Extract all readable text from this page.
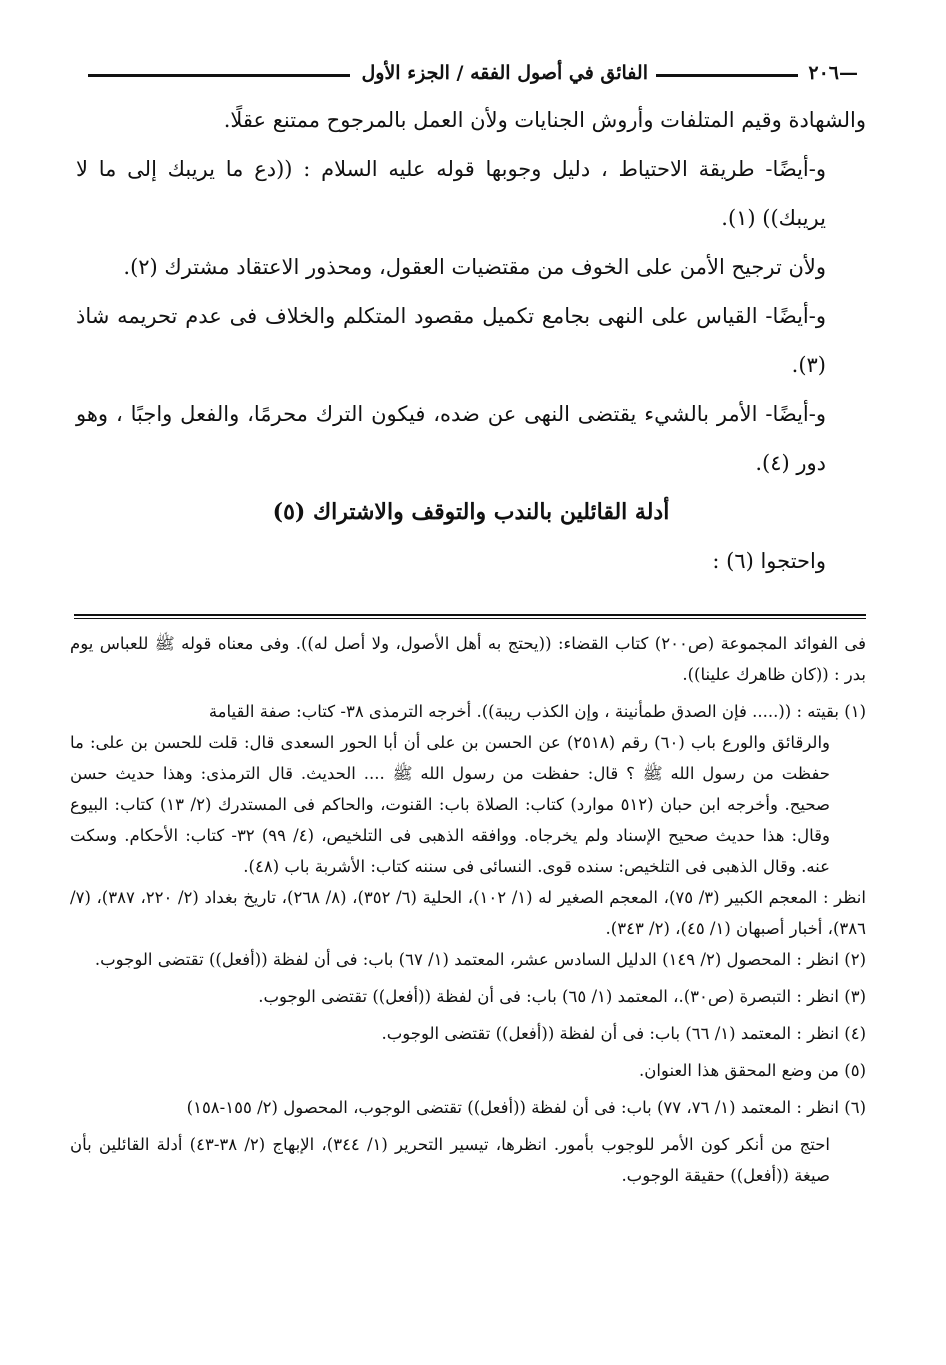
—٢٠٦
الفائق في أصول الفقه / الجزء الأول

والشهادة وقيم المتلفات وأروش الجنايات ولأن العمل بالمرجوح ممتنع عقلًا.

و-أيضًا- طريقة الاحتياط ، دليل وجوبها قوله عليه السلام : ((دع ما يريبك إلى ما لا يريبك)) (١).

ولأن ترجيح الأمن على الخوف من مقتضيات العقول، ومحذور الاعتقاد مشترك (٢).

و-أيضًا- القياس على النهى بجامع تكميل مقصود المتكلم والخلاف فى عدم تحريمه شاذ (٣).

و-أيضًا- الأمر بالشيء يقتضى النهى عن ضده، فيكون الترك محرمًا، والفعل واجبًا ، وهو دور (٤).

أدلة القائلين بالندب والتوقف والاشتراك (٥)

واحتجوا (٦) :

فى الفوائد المجموعة (ص٢٠٠) كتاب القضاء: ((يحتج به أهل الأصول، ولا أصل له)). وفى معناه قوله ﷺ للعباس يوم بدر : ((كان ظاهرك علينا)).

(١) بقيته : ((..... فإن الصدق طمأنينة ، وإن الكذب ريبة)). أخرجه الترمذى ٣٨- كتاب: صفة القيامة

والرقائق والورع باب (٦٠) رقم (٢٥١٨) عن الحسن بن على أن أبا الحور السعدى قال: قلت للحسن بن على: ما حفظت من رسول الله ﷺ ؟ قال: حفظت من رسول الله ﷺ .... الحديث. قال الترمذى: وهذا حديث حسن صحيح. وأخرجه ابن حبان (٥١٢ موارد) كتاب: الصلاة باب: القنوت، والحاكم فى المستدرك (٢/ ١٣) كتاب: البيوع وقال: هذا حديث صحيح الإسناد ولم يخرجاه. ووافقه الذهبى فى التلخيص، (٤/ ٩٩) ٣٢- كتاب: الأحكام. وسكت عنه. وقال الذهبى فى التلخيص: سنده قوى. النسائى فى سننه كتاب: الأشربة باب (٤٨).

انظر : المعجم الكبير (٣/ ٧٥)، المعجم الصغير له (١/ ١٠٢)، الحلية (٦/ ٣٥٢)، (٨/ ٢٦٨)، تاريخ بغداد (٢/ ٢٢٠، ٣٨٧)، (٧/ ٣٨٦)، أخبار أصبهان (١/ ٤٥)، (٢/ ٣٤٣).

(٢) انظر : المحصول (٢/ ١٤٩) الدليل السادس عشر، المعتمد (١/ ٦٧) باب: فى أن لفظة ((أفعل)) تقتضى الوجوب.

(٣) انظر : التبصرة (ص٣٠).، المعتمد (١/ ٦٥) باب: فى أن لفظة ((أفعل)) تقتضى الوجوب.

(٤) انظر : المعتمد (١/ ٦٦) باب: فى أن لفظة ((أفعل)) تقتضى الوجوب.

(٥) من وضع المحقق هذا العنوان.

(٦) انظر : المعتمد (١/ ٧٦، ٧٧) باب: فى أن لفظة ((أفعل)) تقتضى الوجوب، المحصول (٢/ ١٥٥-١٥٨)

احتج من أنكر كون الأمر للوجوب بأمور. انظرها، تيسير التحرير (١/ ٣٤٤)، الإبهاج (٢/ ٣٨-٤٣) أدلة القائلين بأن صيغة ((أفعل)) حقيقة الوجوب.
